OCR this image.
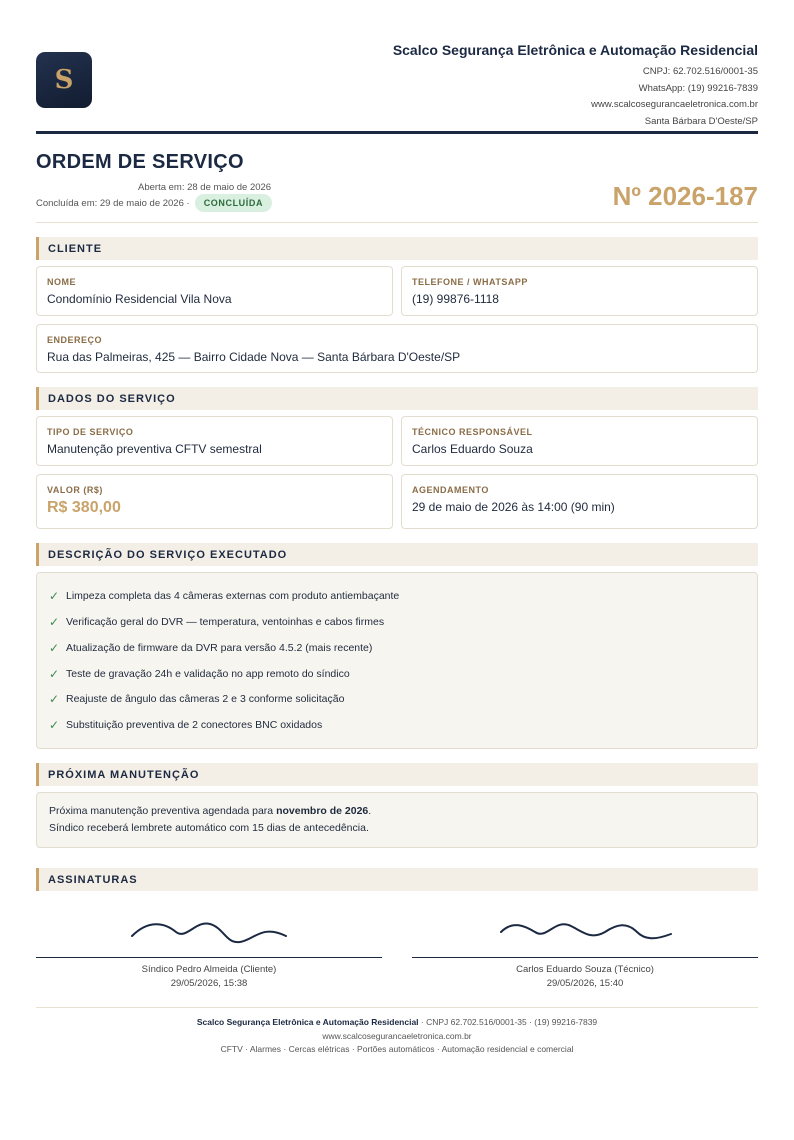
S
Scalco Segurança Eletrônica e Automação Residencial
CNPJ: 62.702.516/0001-35
WhatsApp: (19) 99216-7839
www.scalcosegurancaeletronica.com.br
Santa Bárbara D'Oeste/SP
ORDEM DE SERVIÇO
Aberta em: 28 de maio de 2026
Concluída em: 29 de maio de 2026 ·	CONCLUÍDA	Nº 2026-187
CLIENTE
NOME
Condomínio Residencial Vila Nova
TELEFONE / WHATSAPP
(19) 99876-1118
ENDEREÇO
Rua das Palmeiras, 425 — Bairro Cidade Nova — Santa Bárbara D'Oeste/SP
DADOS DO SERVIÇO
TIPO DE SERVIÇO
Manutenção preventiva CFTV semestral
TÉCNICO RESPONSÁVEL
Carlos Eduardo Souza
VALOR (R$)
R$ 380,00
AGENDAMENTO
29 de maio de 2026 às 14:00 (90 min)
DESCRIÇÃO DO SERVIÇO EXECUTADO
✓ Limpeza completa das 4 câmeras externas com produto antiembaçante
✓ Verificação geral do DVR — temperatura, ventoinhas e cabos firmes
✓ Atualização de firmware da DVR para versão 4.5.2 (mais recente)
✓ Teste de gravação 24h e validação no app remoto do síndico
✓ Reajuste de ângulo das câmeras 2 e 3 conforme solicitação
✓ Substituição preventiva de 2 conectores BNC oxidados
PRÓXIMA MANUTENÇÃO
Próxima manutenção preventiva agendada para novembro de 2026.
Síndico receberá lembrete automático com 15 dias de antecedência.
ASSINATURAS
Síndico Pedro Almeida (Cliente)
29/05/2026, 15:38
Carlos Eduardo Souza (Técnico)
29/05/2026, 15:40
Scalco Segurança Eletrônica e Automação Residencial · CNPJ 62.702.516/0001-35 · (19) 99216-7839
www.scalcosegurancaeletronica.com.br
CFTV · Alarmes · Cercas elétricas · Portões automáticos · Automação residencial e comercial
